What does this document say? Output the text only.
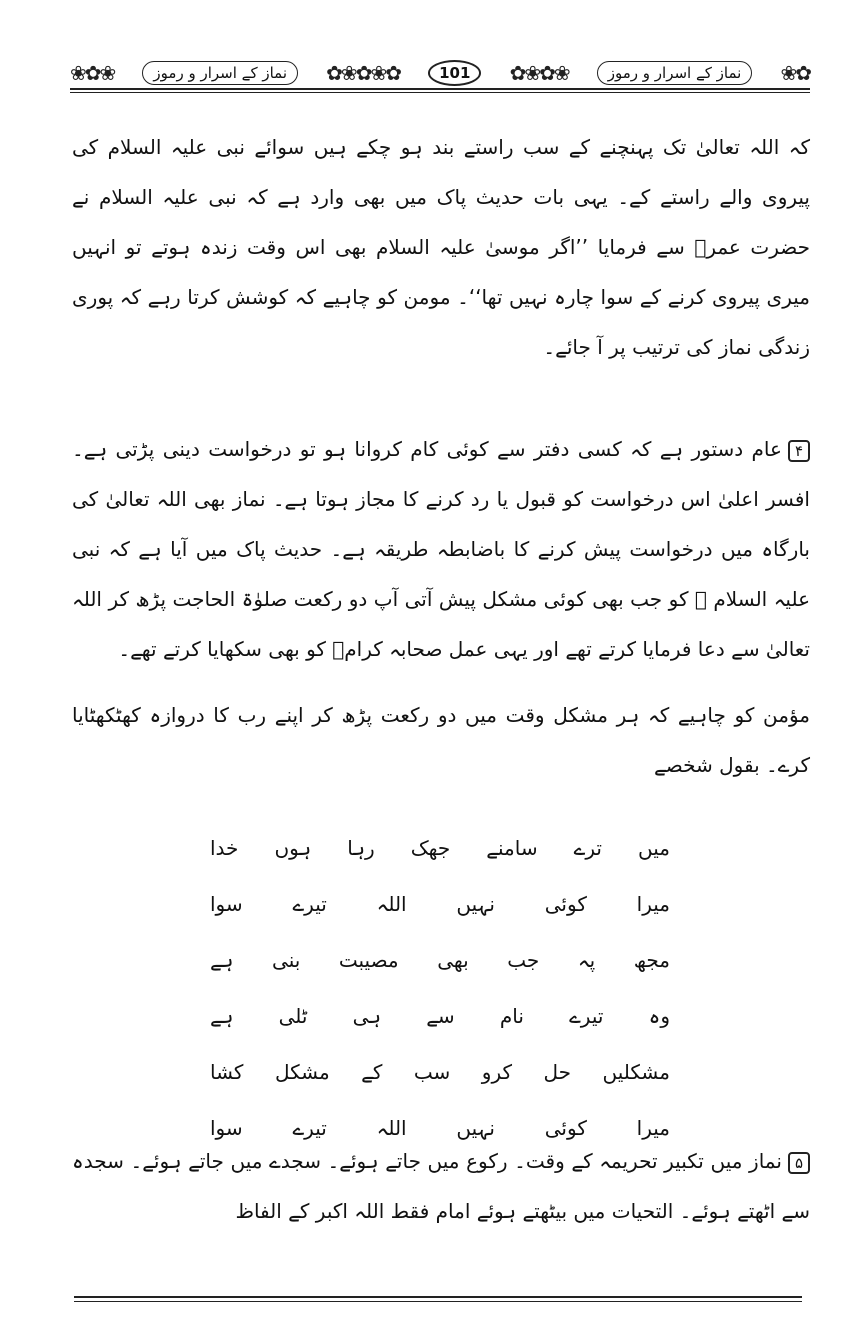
❀✿❀	نماز کے اسرار و رموز	✿❀✿❀✿	101	✿❀✿❀	نماز کے اسرار و رموز	❀✿

کہ اللہ تعالیٰ تک پہنچنے کے سب راستے بند ہو چکے ہیں سوائے نبی علیہ السلام کی پیروی والے راستے کے۔ یہی بات حدیث پاک میں بھی وارد ہے کہ نبی علیہ السلام نے حضرت عمرؓ سے فرمایا ’’اگر موسیٰ علیہ السلام بھی اس وقت زندہ ہوتے تو انہیں میری پیروی کرنے کے سوا چارہ نہیں تھا‘‘۔ مومن کو چاہیے کہ کوشش کرتا رہے کہ پوری زندگی نماز کی ترتیب پر آ جائے۔

۴عام دستور ہے کہ کسی دفتر سے کوئی کام کروانا ہو تو درخواست دینی پڑتی ہے۔ افسر اعلیٰ اس درخواست کو قبول یا رد کرنے کا مجاز ہوتا ہے۔ نماز بھی اللہ تعالیٰ کی بارگاہ میں درخواست پیش کرنے کا باضابطہ طریقہ ہے۔ حدیث پاک میں آیا ہے کہ نبی علیہ السلام ﷺ کو جب بھی کوئی مشکل پیش آتی آپ دو رکعت صلوٰۃ الحاجت پڑھ کر اللہ تعالیٰ سے دعا فرمایا کرتے تھے اور یہی عمل صحابہ کرامؓ کو بھی سکھایا کرتے تھے۔

مؤمن کو چاہیے کہ ہر مشکل وقت میں دو رکعت پڑھ کر اپنے رب کا دروازہ کھٹکھٹایا کرے۔ بقول شخصے

میں ترے سامنے جھک رہا ہوں خدا

میرا کوئی نہیں اللہ تیرے سوا

مجھ پہ جب بھی مصیبت بنی ہے

وہ تیرے نام سے ہی ٹلی ہے

مشکلیں حل کرو سب کے مشکل کشا

میرا کوئی نہیں اللہ تیرے سوا

۵نماز میں تکبیر تحریمہ کے وقت۔ رکوع میں جاتے ہوئے۔ سجدے میں جاتے ہوئے۔ سجدہ سے اٹھتے ہوئے۔ التحیات میں بیٹھتے ہوئے امام فقط اللہ اکبر کے الفاظ
